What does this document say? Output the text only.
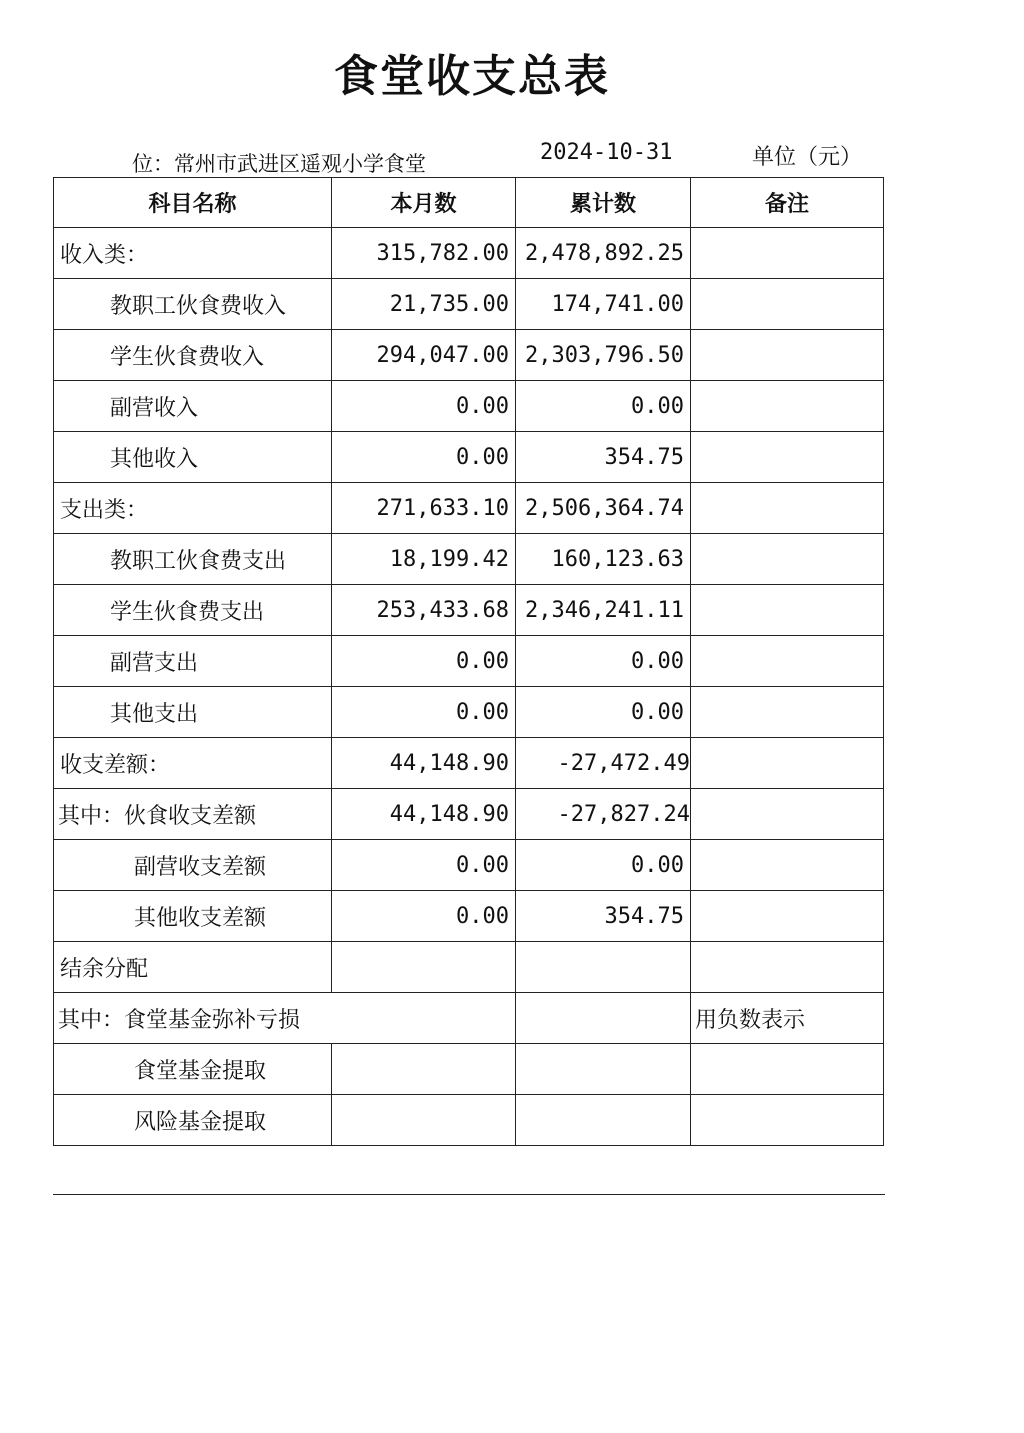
食堂收支总表
位：常州市武进区遥观小学食堂	2024-10-31	单位（元）
科目名称	本月数	累计数	备注
收入类：	315,782.00	2,478,892.25	
教职工伙食费收入	21,735.00	174,741.00	
学生伙食费收入	294,047.00	2,303,796.50	
副营收入	0.00	0.00	
其他收入	0.00	354.75	
支出类：	271,633.10	2,506,364.74	
教职工伙食费支出	18,199.42	160,123.63	
学生伙食费支出	253,433.68	2,346,241.11	
副营支出	0.00	0.00	
其他支出	0.00	0.00	
收支差额：	44,148.90	-27,472.49	
其中：伙食收支差额	44,148.90	-27,827.24	
副营收支差额	0.00	0.00	
其他收支差额	0.00	354.75	
结余分配			
其中：食堂基金弥补亏损			用负数表示
食堂基金提取			
风险基金提取			
